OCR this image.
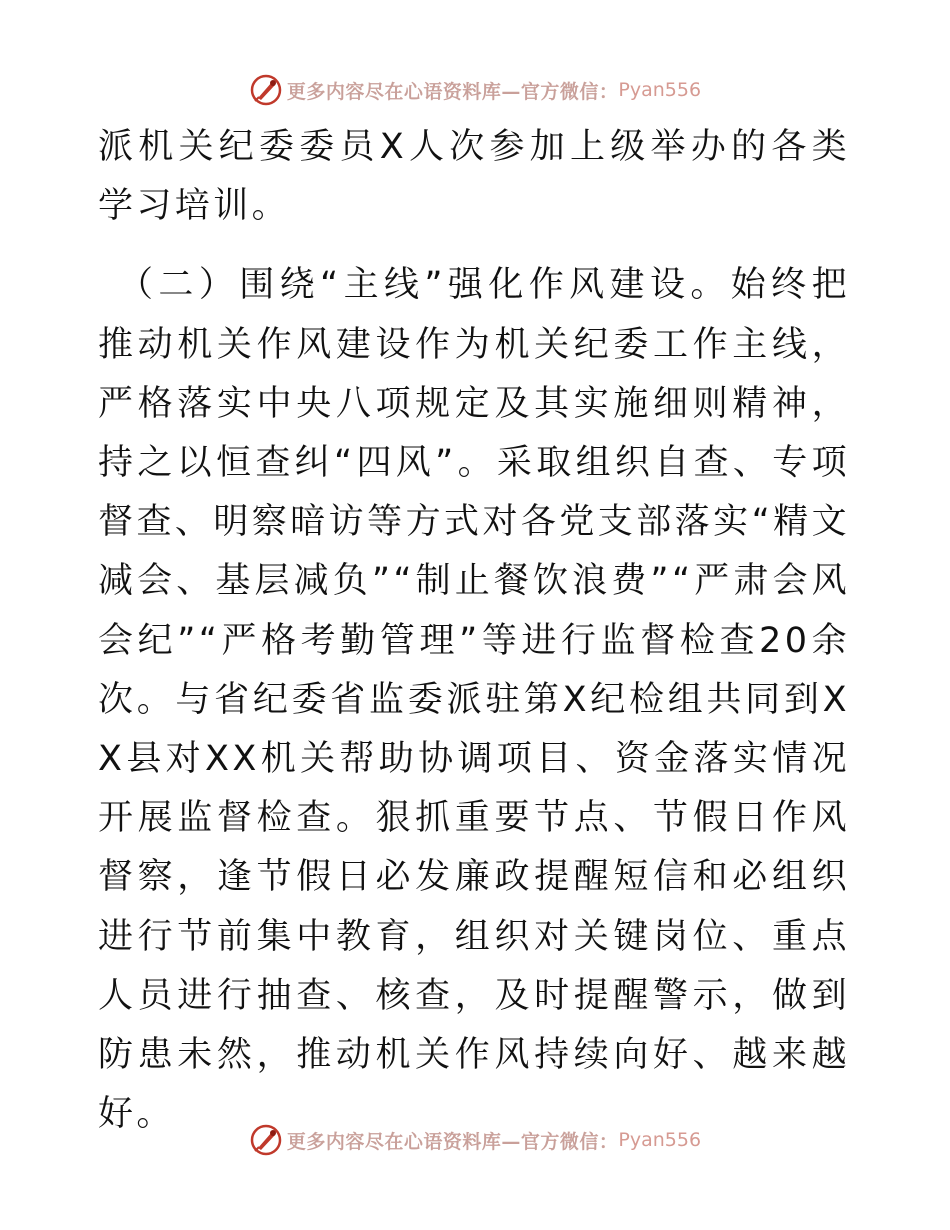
更多内容尽在心语资料库—官方微信： Pyan556

派机关纪委委员X人次参加上级举办的各类学习培训。

（二）围绕“主线”强化作风建设。始终把推动机关作风建设作为机关纪委工作主线，严格落实中央八项规定及其实施细则精神，持之以恒查纠“四风”。采取组织自查、专项督查、明察暗访等方式对各党支部落实“精文减会、基层减负”“制止餐饮浪费”“严肃会风会纪”“严格考勤管理”等进行监督检查20余次。与省纪委省监委派驻第X纪检组共同到XX县对XX机关帮助协调项目、资金落实情况开展监督检查。狠抓重要节点、节假日作风督察，逢节假日必发廉政提醒短信和必组织进行节前集中教育，组织对关键岗位、重点人员进行抽查、核查，及时提醒警示，做到防患未然，推动机关作风持续向好、越来越好。

更多内容尽在心语资料库—官方微信： Pyan556
